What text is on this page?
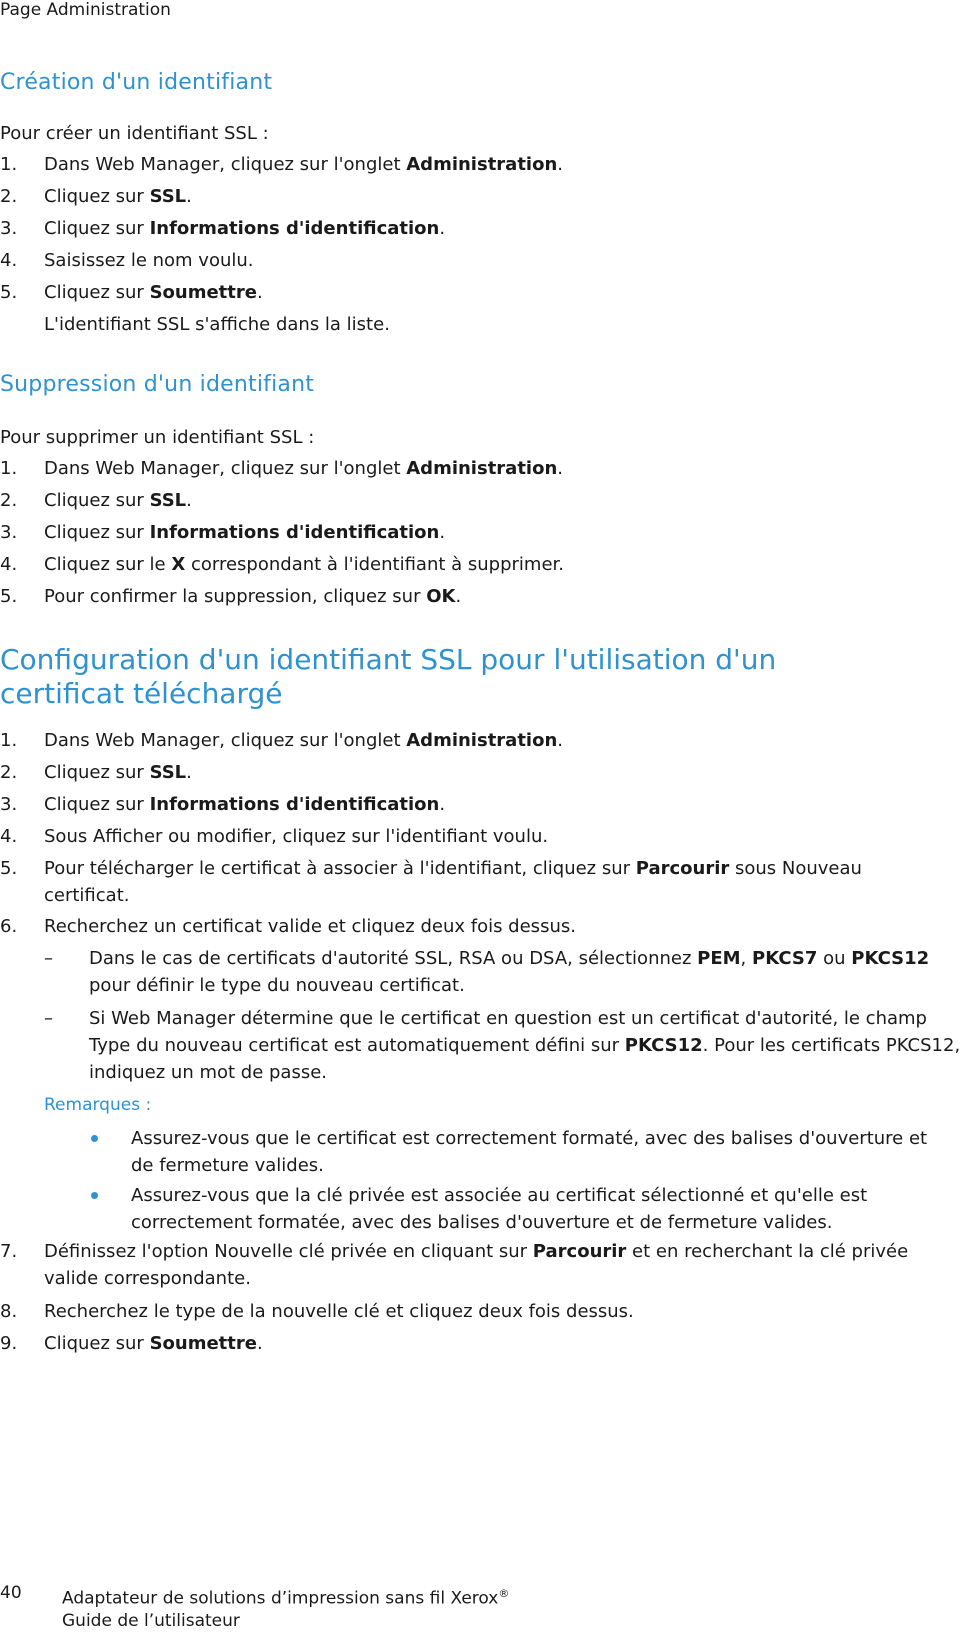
Page Administration
Création d'un identifiant
Pour créer un identifiant SSL :
1. Dans Web Manager, cliquez sur l'onglet Administration.
2. Cliquez sur SSL.
3. Cliquez sur Informations d'identification.
4. Saisissez le nom voulu.
5. Cliquez sur Soumettre.
L'identifiant SSL s'affiche dans la liste.
Suppression d'un identifiant
Pour supprimer un identifiant SSL :
1. Dans Web Manager, cliquez sur l'onglet Administration.
2. Cliquez sur SSL.
3. Cliquez sur Informations d'identification.
4. Cliquez sur le X correspondant à l'identifiant à supprimer.
5. Pour confirmer la suppression, cliquez sur OK.
Configuration d'un identifiant SSL pour l'utilisation d'un certificat téléchargé
1. Dans Web Manager, cliquez sur l'onglet Administration.
2. Cliquez sur SSL.
3. Cliquez sur Informations d'identification.
4. Sous Afficher ou modifier, cliquez sur l'identifiant voulu.
5. Pour télécharger le certificat à associer à l'identifiant, cliquez sur Parcourir sous Nouveau certificat.
6. Recherchez un certificat valide et cliquez deux fois dessus.
– Dans le cas de certificats d'autorité SSL, RSA ou DSA, sélectionnez PEM, PKCS7 ou PKCS12 pour définir le type du nouveau certificat.
– Si Web Manager détermine que le certificat en question est un certificat d'autorité, le champ Type du nouveau certificat est automatiquement défini sur PKCS12. Pour les certificats PKCS12, indiquez un mot de passe.
Remarques :
Assurez-vous que le certificat est correctement formaté, avec des balises d'ouverture et de fermeture valides.
Assurez-vous que la clé privée est associée au certificat sélectionné et qu'elle est correctement formatée, avec des balises d'ouverture et de fermeture valides.
7. Définissez l'option Nouvelle clé privée en cliquant sur Parcourir et en recherchant la clé privée valide correspondante.
8. Recherchez le type de la nouvelle clé et cliquez deux fois dessus.
9. Cliquez sur Soumettre.
40 Adaptateur de solutions d’impression sans fil Xerox®
Guide de l’utilisateur
